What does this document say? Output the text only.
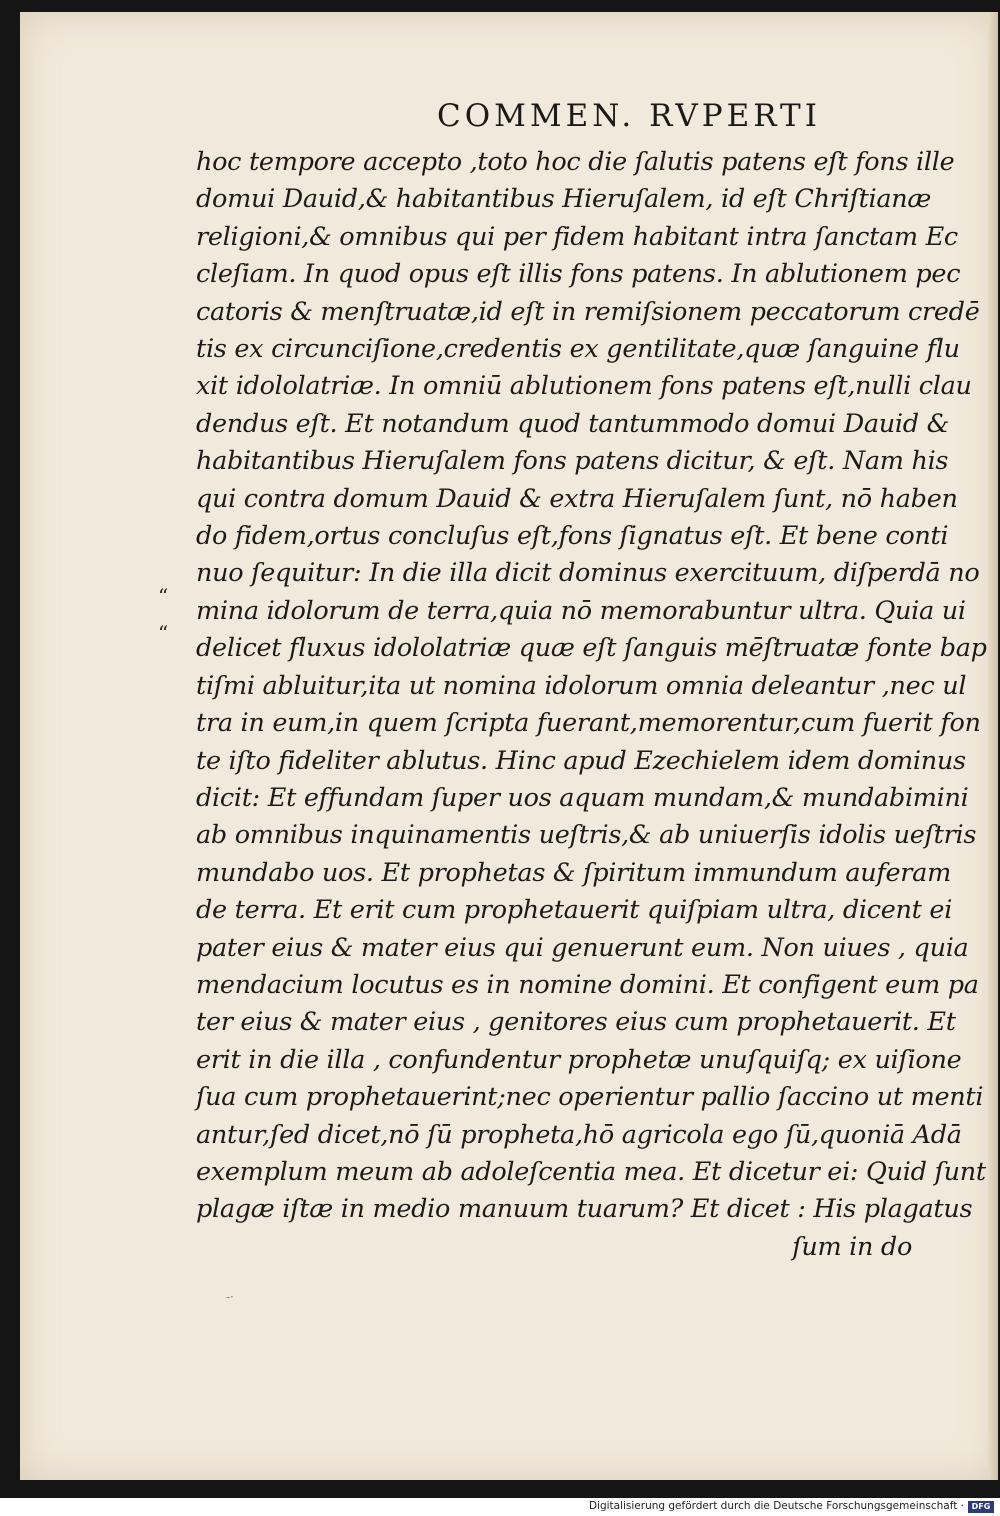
COMMEN. RVPERTI
hoc tempore accepto ,toto hoc die ſalutis patens eſt fons ille
domui Dauid,& habitantibus Hieruſalem, id eſt Chriſtianæ
religioni,& omnibus qui per fidem habitant intra ſanctam Ec
cleſiam. In quod opus eſt illis fons patens. In ablutionem pec
catoris & menſtruatæ,id eſt in remiſsionem peccatorum credē
tis ex circunciſione,credentis ex gentilitate,quæ ſanguine flu
xit idololatriæ. In omniū ablutionem fons patens eſt,nulli clau
dendus eſt. Et notandum quod tantummodo domui Dauid &
habitantibus Hieruſalem fons patens dicitur, & eſt. Nam his
qui contra domum Dauid & extra Hieruſalem ſunt, nō haben
do fidem,ortus concluſus eſt,fons ſignatus eſt. Et bene conti
nuo ſequitur: In die illa dicit dominus exercituum, diſperdā no
mina idolorum de terra,quia nō memorabuntur ultra. Quia ui
delicet fluxus idololatriæ quæ eſt ſanguis mēſtruatæ fonte bap
tiſmi abluitur,ita ut nomina idolorum omnia deleantur ,nec ul
tra in eum,in quem ſcripta fuerant,memorentur,cum fuerit fon
te iſto fideliter ablutus. Hinc apud Ezechielem idem dominus
dicit: Et effundam ſuper uos aquam mundam,& mundabimini
ab omnibus inquinamentis ueſtris,& ab uniuerſis idolis ueſtris
mundabo uos. Et prophetas & ſpiritum immundum auferam
de terra. Et erit cum prophetauerit quiſpiam ultra, dicent ei
pater eius & mater eius qui genuerunt eum. Non uiues , quia
mendacium locutus es in nomine domini. Et configent eum pa
ter eius & mater eius , genitores eius cum prophetauerit. Et
erit in die illa , confundentur prophetæ unuſquiſq; ex uiſione
ſua cum prophetauerint;nec operientur pallio ſaccino ut menti
antur,ſed dicet,nō ſū propheta,hō agricola ego ſū,quoniā Adā
exemplum meum ab adoleſcentia mea. Et dicetur ei: Quid ſunt
plagæ iſtæ in medio manuum tuarum? Et dicet : His plagatus
ſum in do
“
“
-·
Digitalisierung gefördert durch die Deutsche Forschungsgemeinschaft · DFG
